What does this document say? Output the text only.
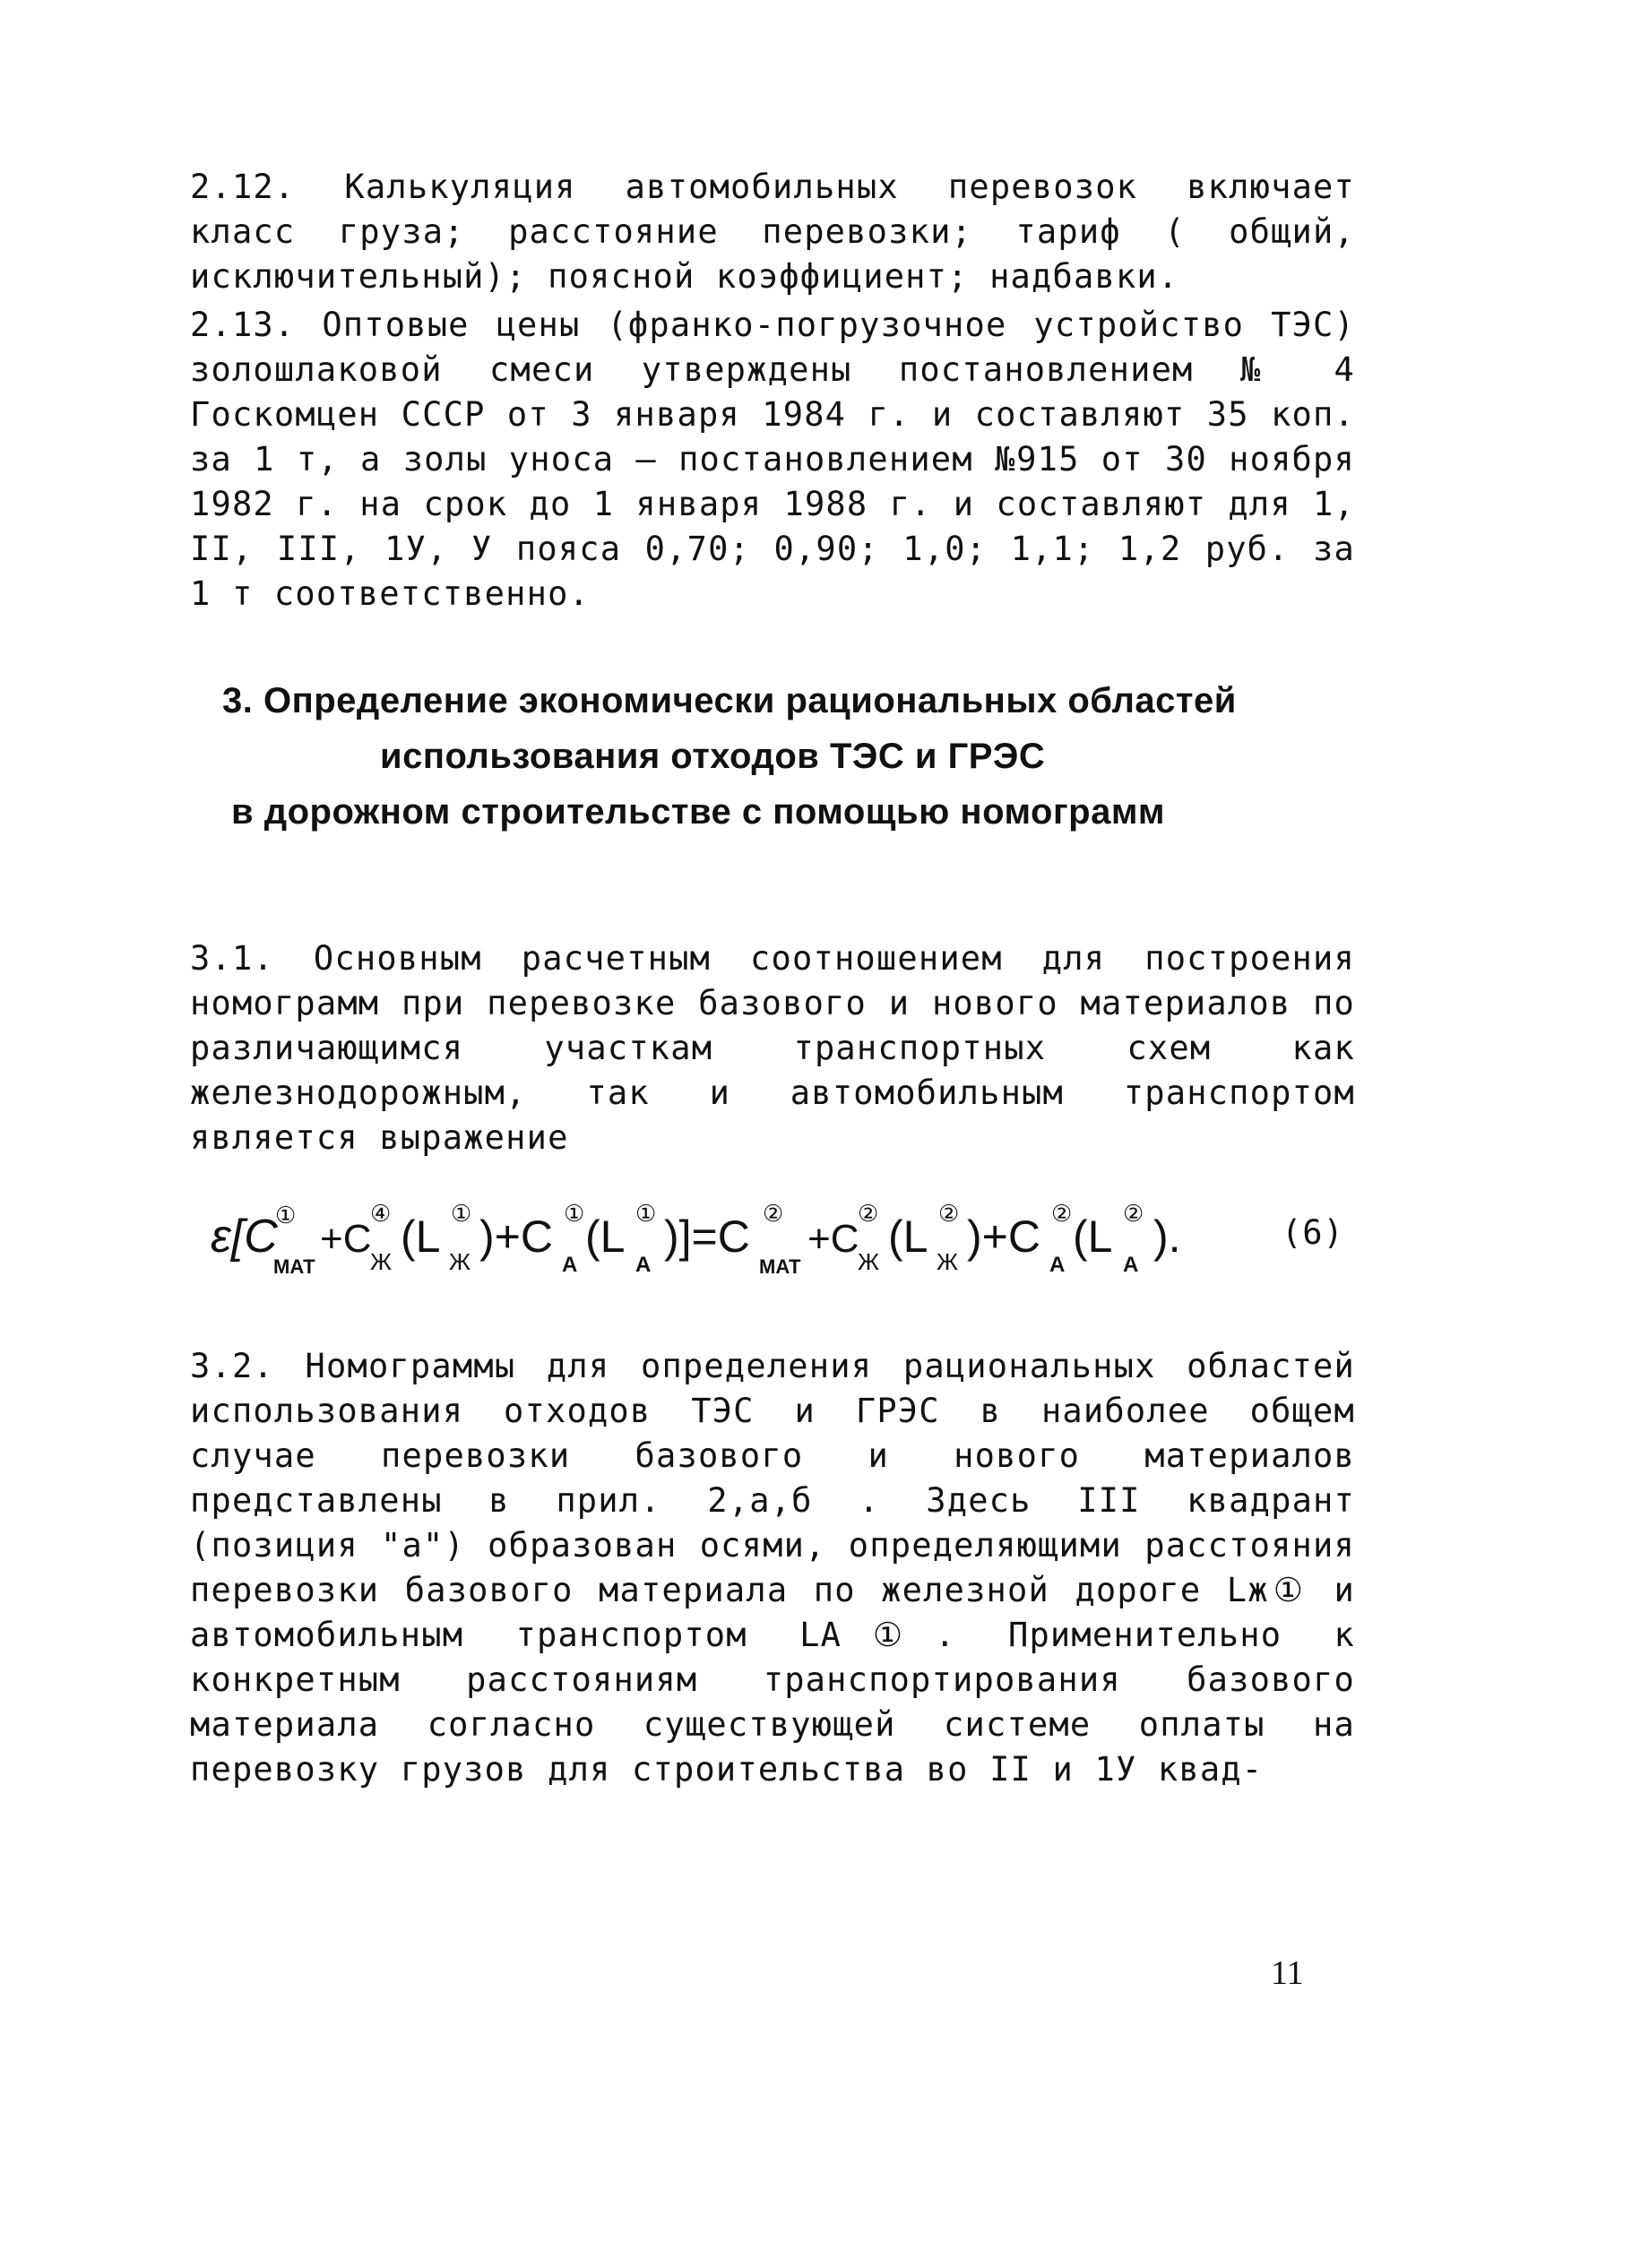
2.12. Калькуляция автомобильных перевозок включает класс груза; расстояние перевозки; тариф ( общий, исключительный); поясной коэффициент; надбавки.
2.13. Оптовые цены (франко-погрузочное устройство ТЭС) золошлаковой смеси утверждены постановлением № 4 Госкомцен СССР от 3 января 1984 г. и составляют 35 коп. за 1 т, а золы уноса – постановлением №915 от 30 ноября 1982 г. на срок до 1 января 1988 г. и составляют для 1, II, III, 1У, У пояса 0,70; 0,90; 1,0; 1,1; 1,2 руб. за 1 т соответственно.
3. Определение экономически рациональных областей
использования отходов ТЭС и ГРЭС
в дорожном строительстве с помощью номограмм
3.1. Основным расчетным соотношением для построения номограмм при перевозке базового и нового материалов по различающимся участкам транспортных схем как железнодорожным, так и автомобильным транспортом является выражение
ε[C
①
МАТ
+C
④
Ж (L ①
Ж )+C ①
А
(L ①
А
)]=C ②
МАТ
+C
②
Ж (L ②
Ж )+C ②
А
(L ②
А
).	(6)
3.2. Номограммы для определения рациональных областей использования отходов ТЭС и ГРЭС в наиболее общем случае перевозки базового и нового материалов представлены в прил. 2,а,б . Здесь III квадрант (позиция "а") образован осями, определяющими расстояния перевозки базового материала по железной дороге Lж① и автомобильным транспортом LА①. Применительно к конкретным расстояниям транспортирования базового материала согласно существующей системе оплаты на перевозку грузов для строительства во II и 1У квад-
11
